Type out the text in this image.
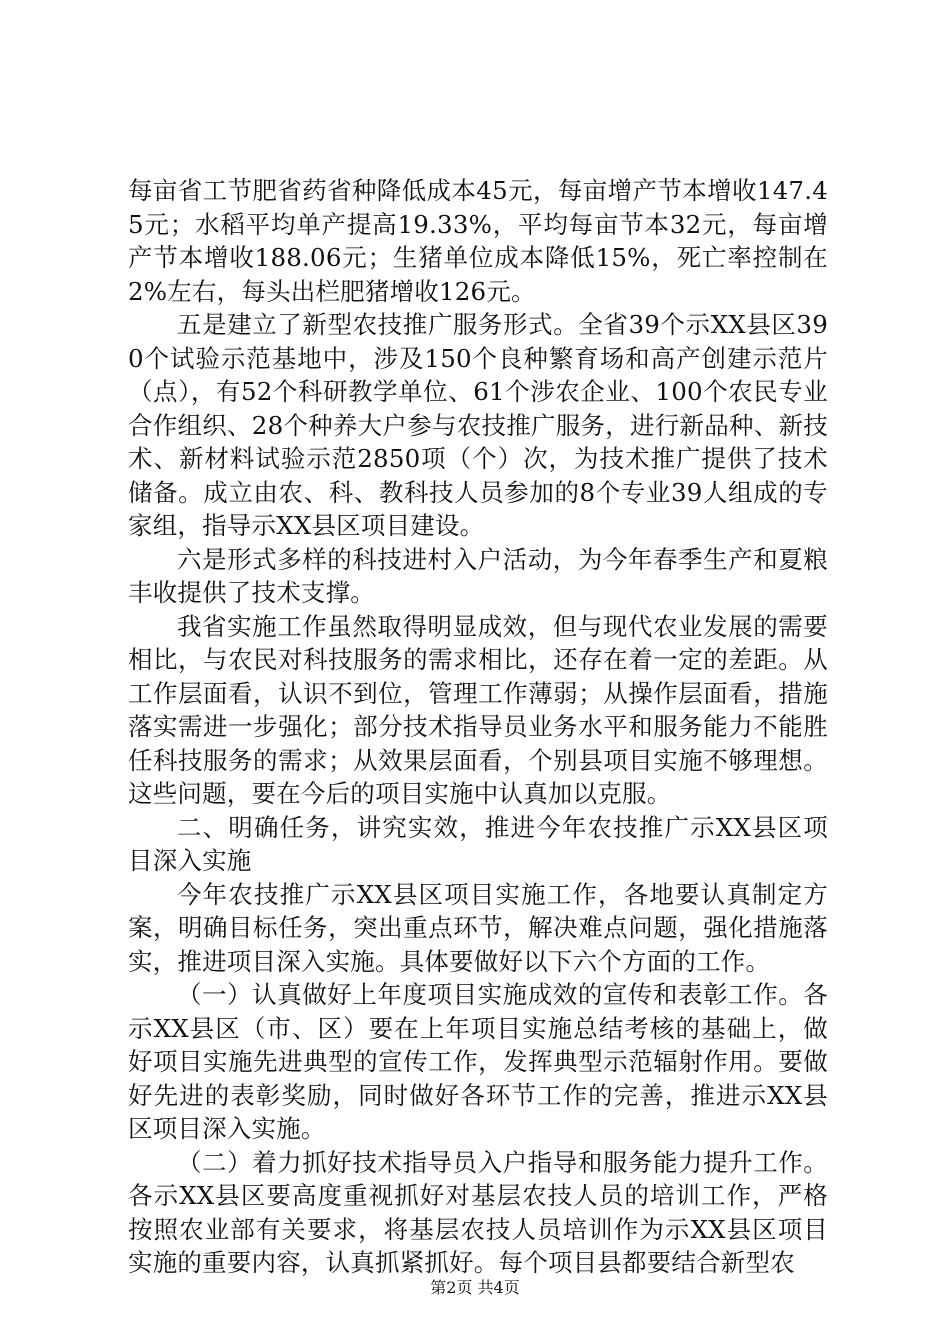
每亩省工节肥省药省种降低成本45元，每亩增产节本增收147.45元；水稻平均单产提高19.33%，平均每亩节本32元，每亩增产节本增收188.06元；生猪单位成本降低15%，死亡率控制在2%左右，每头出栏肥猪增收126元。

五是建立了新型农技推广服务形式。全省39个示XX县区390个试验示范基地中，涉及150个良种繁育场和高产创建示范片（点），有52个科研教学单位、61个涉农企业、100个农民专业合作组织、28个种养大户参与农技推广服务，进行新品种、新技术、新材料试验示范2850项（个）次，为技术推广提供了技术储备。成立由农、科、教科技人员参加的8个专业39人组成的专家组，指导示XX县区项目建设。

六是形式多样的科技进村入户活动，为今年春季生产和夏粮丰收提供了技术支撑。

我省实施工作虽然取得明显成效，但与现代农业发展的需要相比，与农民对科技服务的需求相比，还存在着一定的差距。从工作层面看，认识不到位，管理工作薄弱；从操作层面看，措施落实需进一步强化；部分技术指导员业务水平和服务能力不能胜任科技服务的需求；从效果层面看，个别县项目实施不够理想。这些问题，要在今后的项目实施中认真加以克服。

二、明确任务，讲究实效，推进今年农技推广示XX县区项目深入实施

今年农技推广示XX县区项目实施工作，各地要认真制定方案，明确目标任务，突出重点环节，解决难点问题，强化措施落实，推进项目深入实施。具体要做好以下六个方面的工作。

（一）认真做好上年度项目实施成效的宣传和表彰工作。各示XX县区（市、区）要在上年项目实施总结考核的基础上，做好项目实施先进典型的宣传工作，发挥典型示范辐射作用。要做好先进的表彰奖励，同时做好各环节工作的完善，推进示XX县区项目深入实施。

（二）着力抓好技术指导员入户指导和服务能力提升工作。各示XX县区要高度重视抓好对基层农技人员的培训工作，严格按照农业部有关要求，将基层农技人员培训作为示XX县区项目实施的重要内容，认真抓紧抓好。每个项目县都要结合新型农

第2页 共4页
